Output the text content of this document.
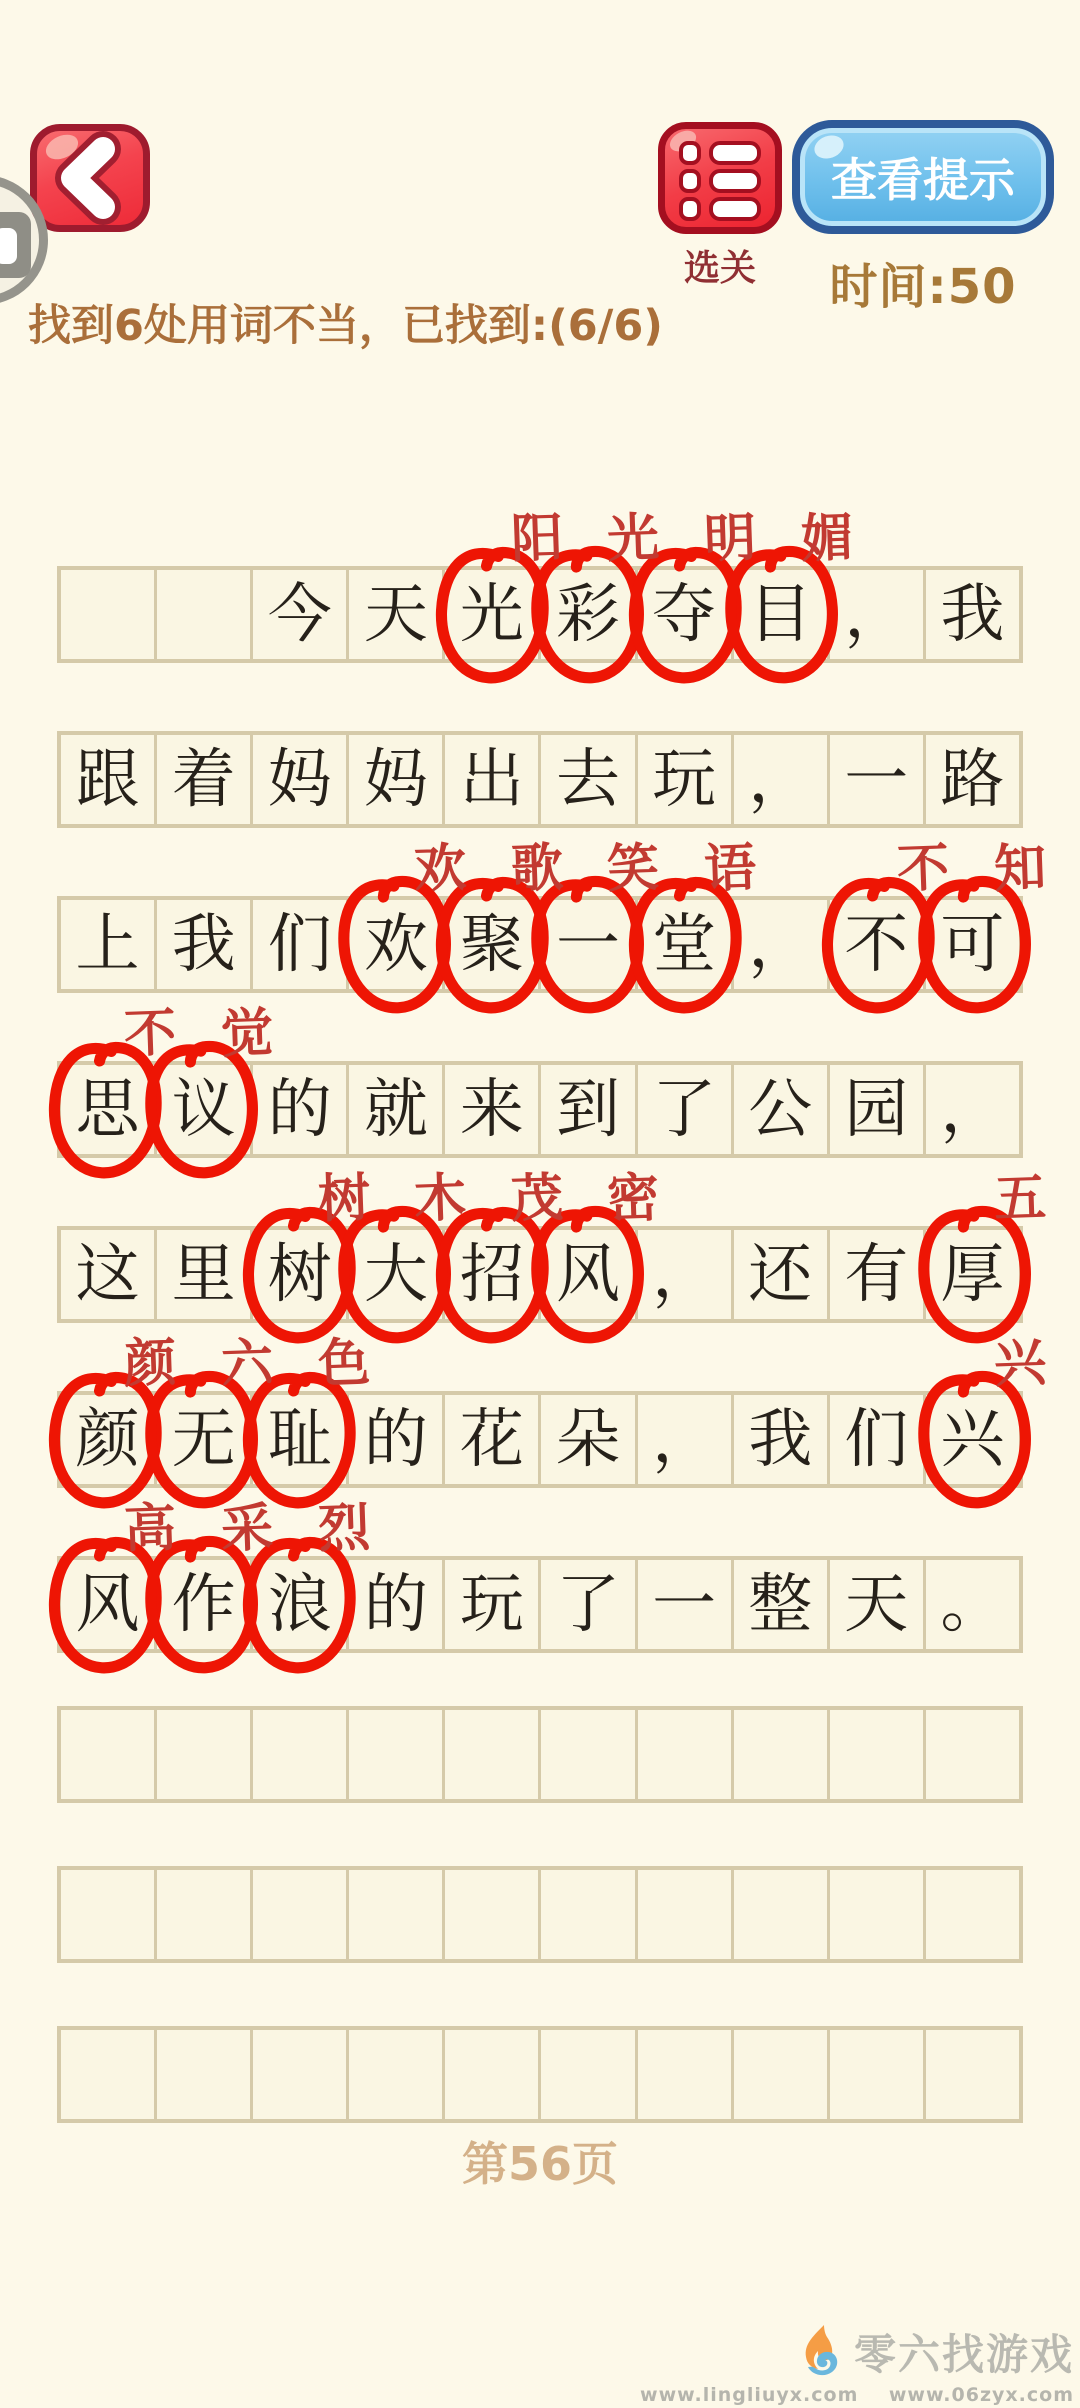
选关
查看提示
时间:50
找到6处用词不当，已找到:(6/6)
今 天 光 彩 夺 目 ， 我
阳 光 明 媚
跟 着 妈 妈 出 去 玩 ， 一 路
上 我 们 欢 聚 一 堂 ， 不 可
欢 歌 笑 语	不 知
思 议 的 就 来 到 了 公 园 ，
不 觉
这 里 树 大 招 风 ， 还 有 厚
树 木 茂 密	五
颜 无 耻 的 花 朵 ， 我 们 兴
颜 六 色	兴
风 作 浪 的 玩 了 一 整 天 。
高 采 烈
第56页
零六找游戏
www.lingliuyx.com www.06zyx.com
